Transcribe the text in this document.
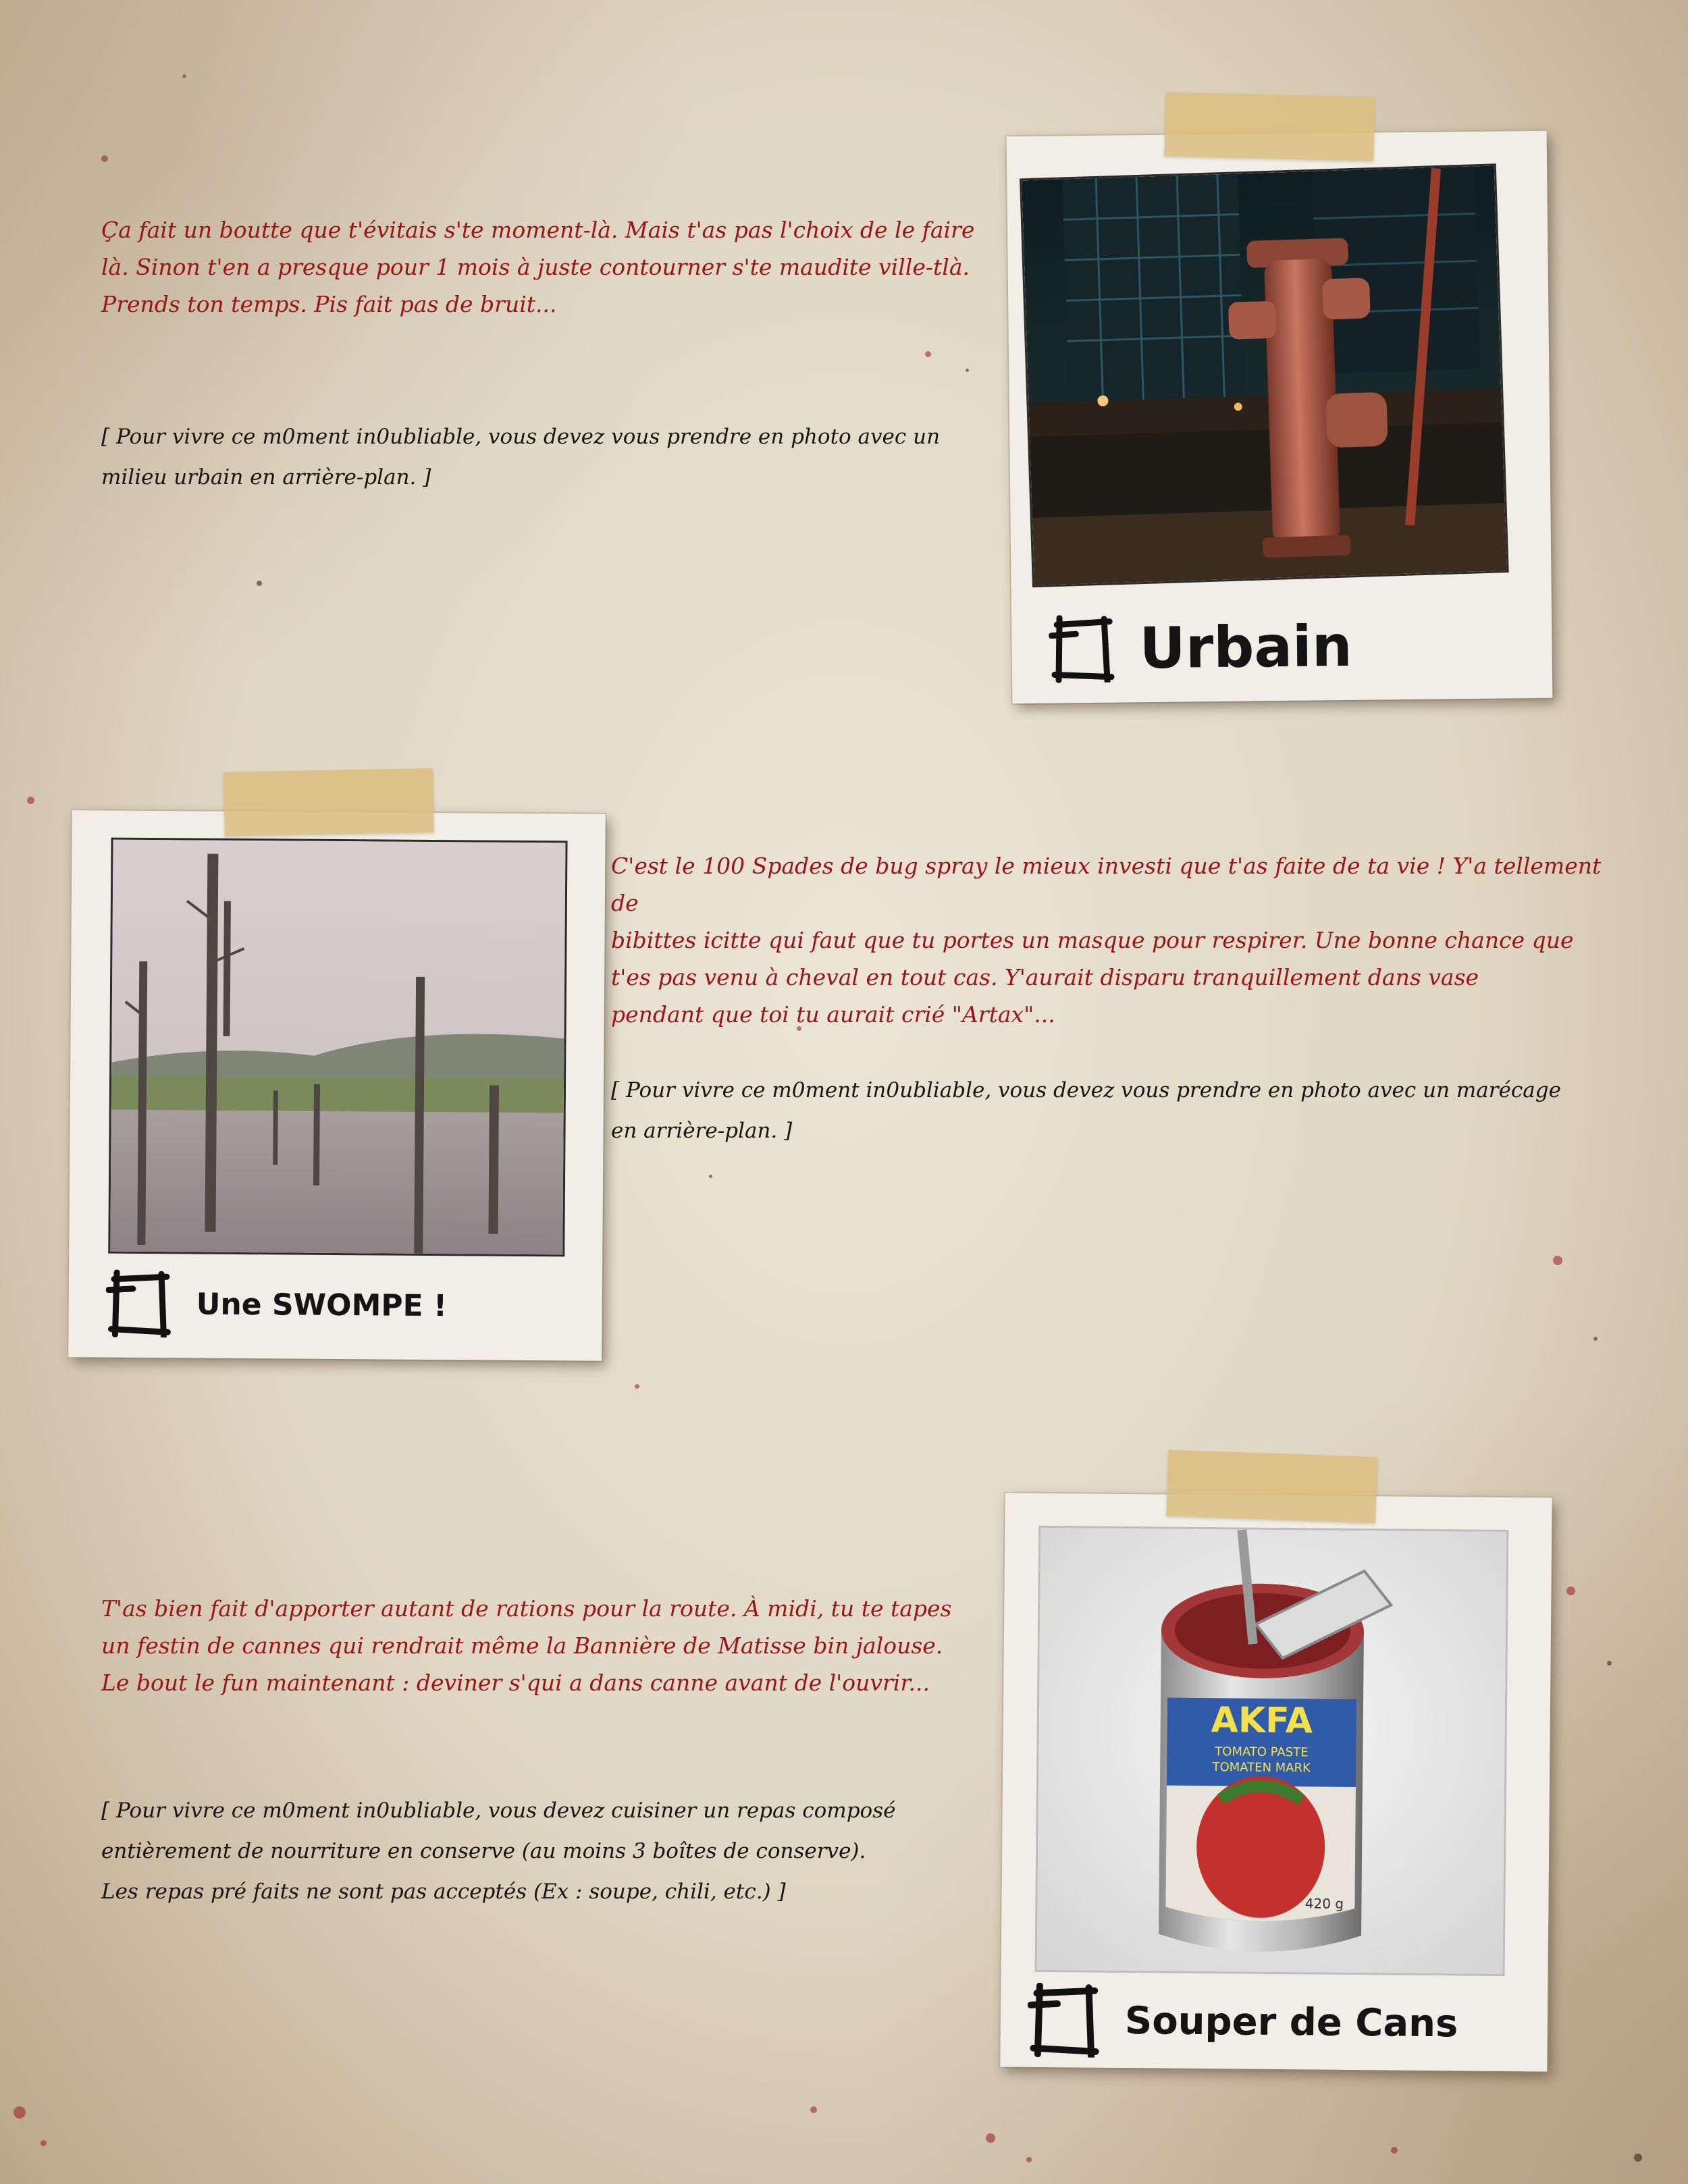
Ça fait un boutte que t'évitais s'te moment-là. Mais t'as pas l'choix de le faire

là. Sinon t'en a presque pour 1 mois à juste contourner s'te maudite ville-tlà.

Prends ton temps. Pis fait pas de bruit...

[ Pour vivre ce m0ment in0ubliable, vous devez vous prendre en photo avec un

milieu urbain en arrière-plan. ]

Urbain
Une SWOMPE !

C'est le 100 Spades de bug spray le mieux investi que t'as faite de ta vie ! Y'a tellement de

bibittes icitte qui faut que tu portes un masque pour respirer. Une bonne chance que

t'es pas venu à cheval en tout cas. Y'aurait disparu tranquillement dans vase

pendant que toi tu aurait crié "Artax"...

[ Pour vivre ce m0ment in0ubliable, vous devez vous prendre en photo avec un marécage

en arrière-plan. ]

T'as bien fait d'apporter autant de rations pour la route. À midi, tu te tapes

un festin de cannes qui rendrait même la Bannière de Matisse bin jalouse.

Le bout le fun maintenant : deviner s'qui a dans canne avant de l'ouvrir...

[ Pour vivre ce m0ment in0ubliable, vous devez cuisiner un repas composé

entièrement de nourriture en conserve (au moins 3 boîtes de conserve).

Les repas pré faits ne sont pas acceptés (Ex : soupe, chili, etc.) ]

AKFA
TOMATO PASTE
TOMATEN MARK
420 g
Souper de Cans
